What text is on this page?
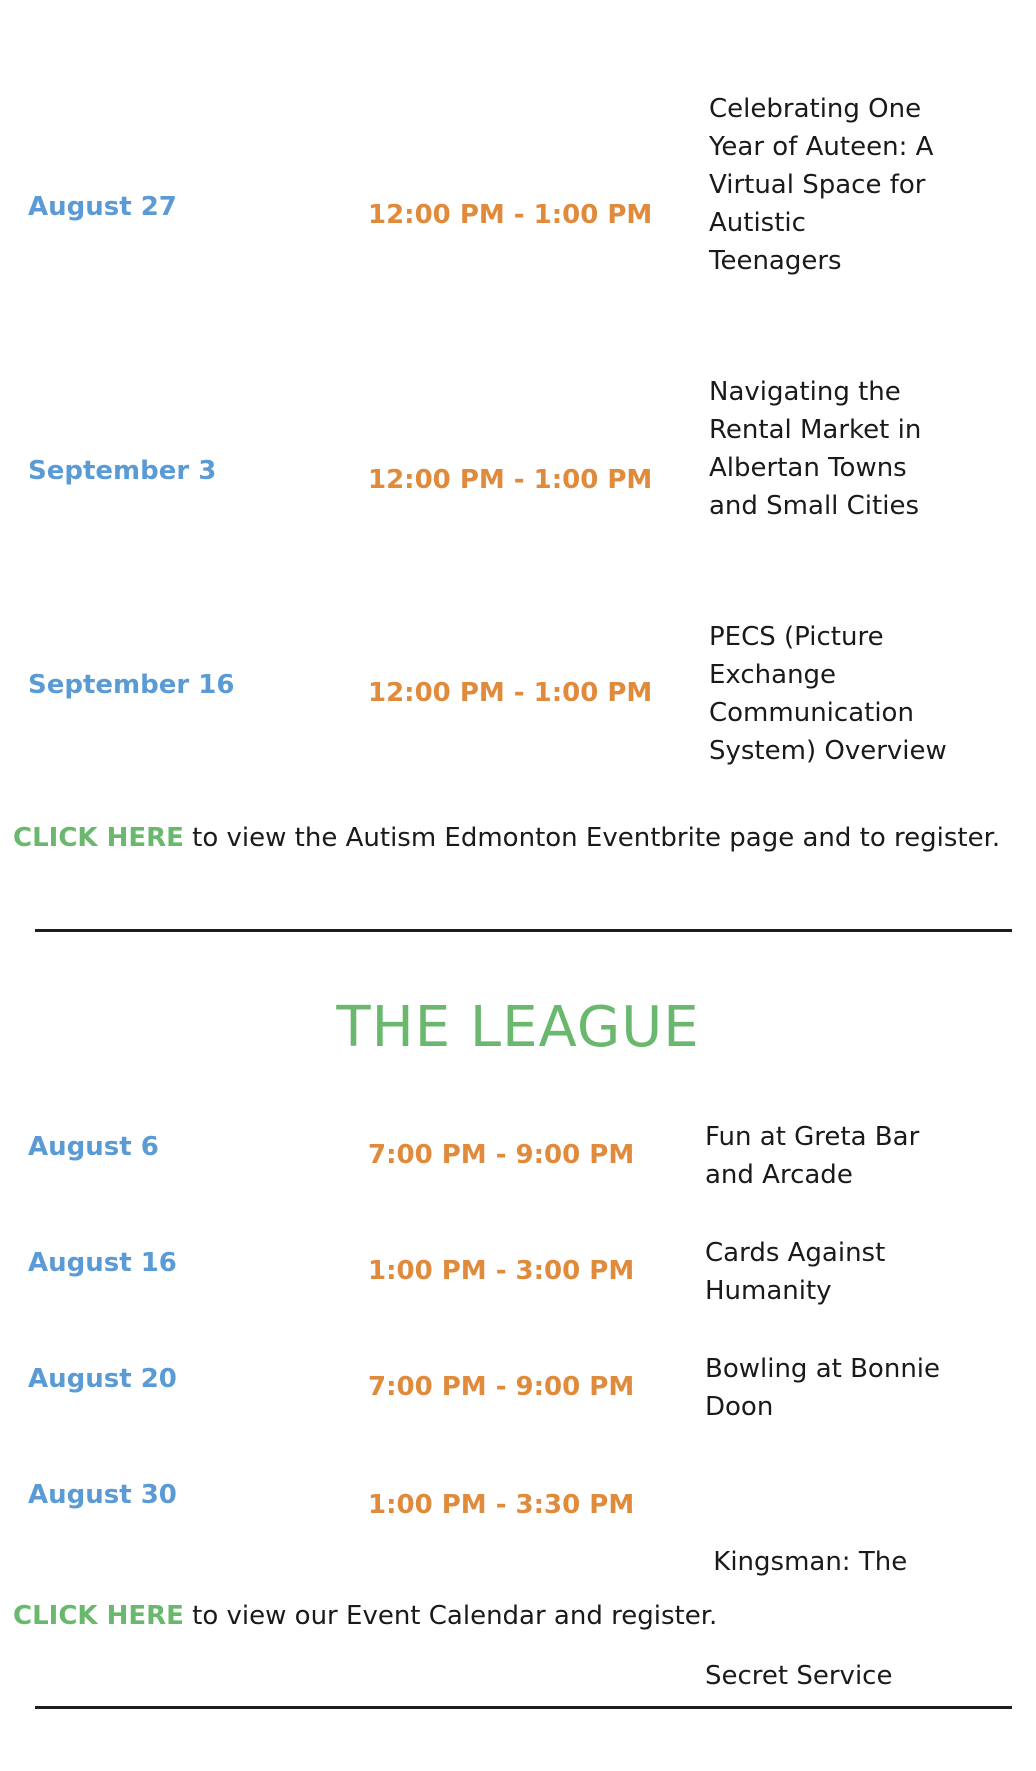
August 27	12:00 PM - 1:00 PM
Celebrating One
Year of Auteen: A
Virtual Space for
Autistic
Teenagers
September 3	12:00 PM - 1:00 PM
Navigating the
Rental Market in
Albertan Towns
and Small Cities
September 16	12:00 PM - 1:00 PM
PECS (Picture
Exchange
Communication
System) Overview
CLICK HERE to view the Autism Edmonton Eventbrite page and to register.
THE LEAGUE
August 6	7:00 PM - 9:00 PM
Fun at Greta Bar
and Arcade
August 16	1:00 PM - 3:00 PM
Cards Against
Humanity
August 20	7:00 PM - 9:00 PM
Bowling at Bonnie
Doon
August 30	1:00 PM - 3:30 PM

Kingsman: The

Secret Service

CLICK HERE to view our Event Calendar and register.
